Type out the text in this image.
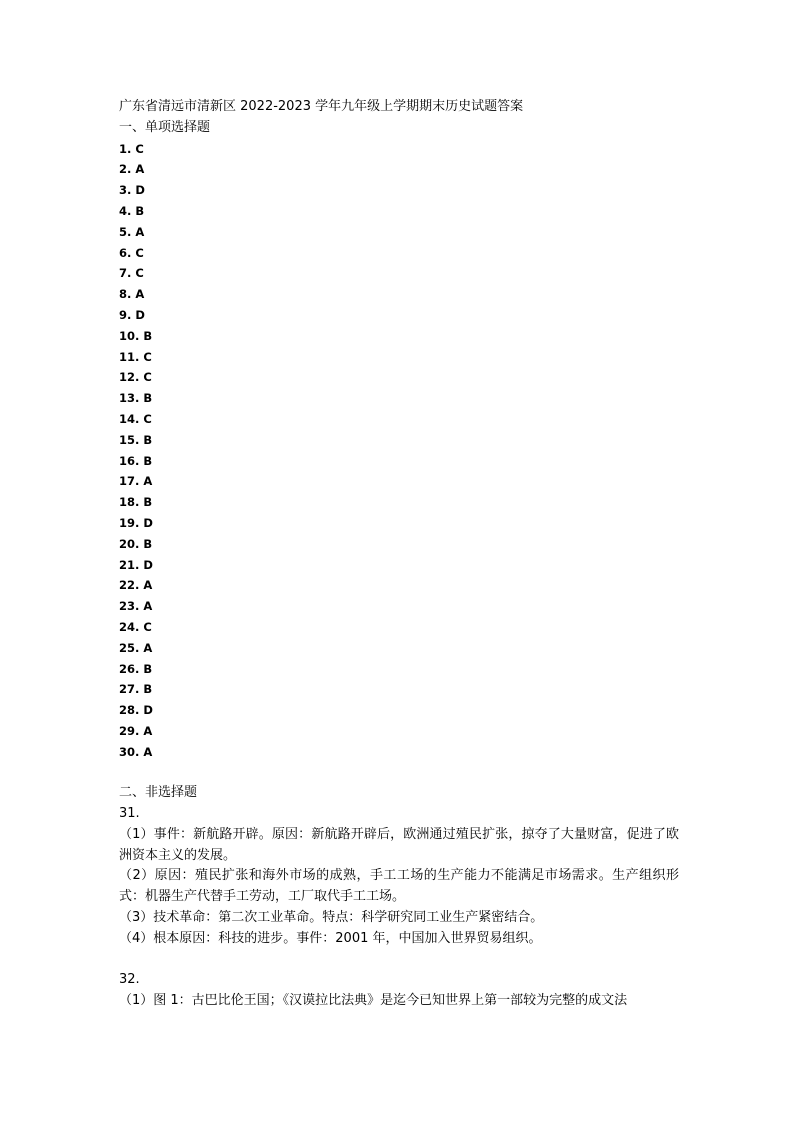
广东省清远市清新区 2022-2023 学年九年级上学期期末历史试题答案

一、单项选择题

1. C
2. A
3. D
4. B
5. A
6. C
7. C
8. A
9. D
10. B
11. C
12. C
13. B
14. C
15. B
16. B
17. A
18. B
19. D
20. B
21. D
22. A
23. A
24. C
25. A
26. B
27. B
28. D
29. A
30. A

二、非选择题

31.

（1）事件：新航路开辟。原因：新航路开辟后，欧洲通过殖民扩张，掠夺了大量财富，促进了欧洲资本主义的发展。

（2）原因：殖民扩张和海外市场的成熟，手工工场的生产能力不能满足市场需求。生产组织形式：机器生产代替手工劳动，工厂取代手工工场。

（3）技术革命：第二次工业革命。特点：科学研究同工业生产紧密结合。

（4）根本原因：科技的进步。事件：2001 年，中国加入世界贸易组织。

32.

（1）图 1：古巴比伦王国；《汉谟拉比法典》是迄今已知世界上第一部较为完整的成文法
